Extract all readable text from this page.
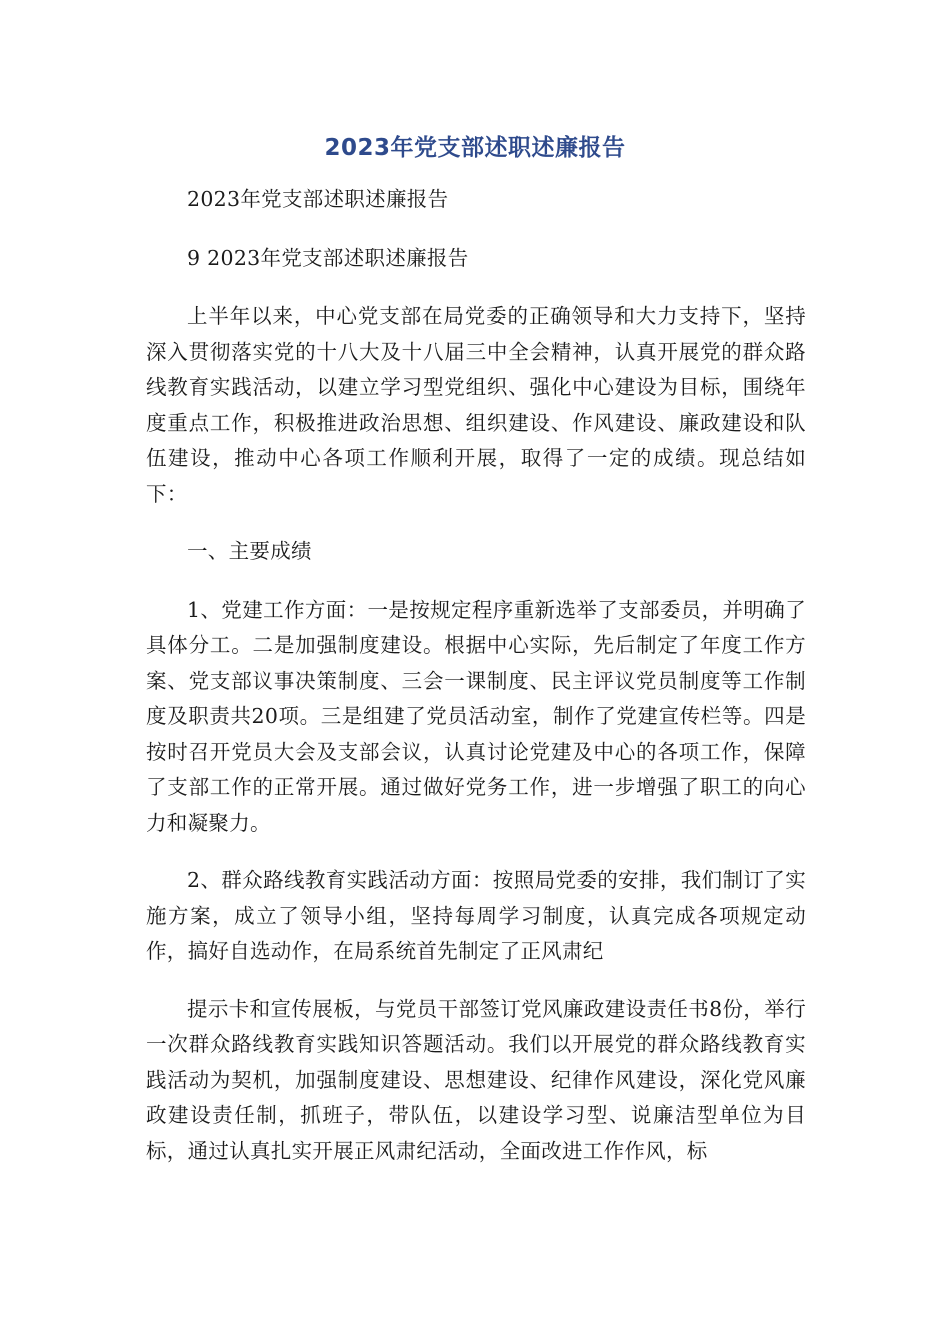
2023年党支部述职述廉报告

2023年党支部述职述廉报告

9 2023年党支部述职述廉报告

上半年以来，中心党支部在局党委的正确领导和大力支持下，坚持深入贯彻落实党的十八大及十八届三中全会精神，认真开展党的群众路线教育实践活动，以建立学习型党组织、强化中心建设为目标，围绕年度重点工作，积极推进政治思想、组织建设、作风建设、廉政建设和队伍建设，推动中心各项工作顺利开展，取得了一定的成绩。现总结如下：

一、主要成绩

1、党建工作方面：一是按规定程序重新选举了支部委员，并明确了具体分工。二是加强制度建设。根据中心实际，先后制定了年度工作方案、党支部议事决策制度、三会一课制度、民主评议党员制度等工作制度及职责共20项。三是组建了党员活动室，制作了党建宣传栏等。四是按时召开党员大会及支部会议，认真讨论党建及中心的各项工作，保障了支部工作的正常开展。通过做好党务工作，进一步增强了职工的向心力和凝聚力。

2、群众路线教育实践活动方面：按照局党委的安排，我们制订了实施方案，成立了领导小组，坚持每周学习制度，认真完成各项规定动作，搞好自选动作，在局系统首先制定了正风肃纪

提示卡和宣传展板，与党员干部签订党风廉政建设责任书8份，举行一次群众路线教育实践知识答题活动。我们以开展党的群众路线教育实践活动为契机，加强制度建设、思想建设、纪律作风建设，深化党风廉政建设责任制，抓班子，带队伍，以建设学习型、说廉洁型单位为目标，通过认真扎实开展正风肃纪活动，全面改进工作作风，标
